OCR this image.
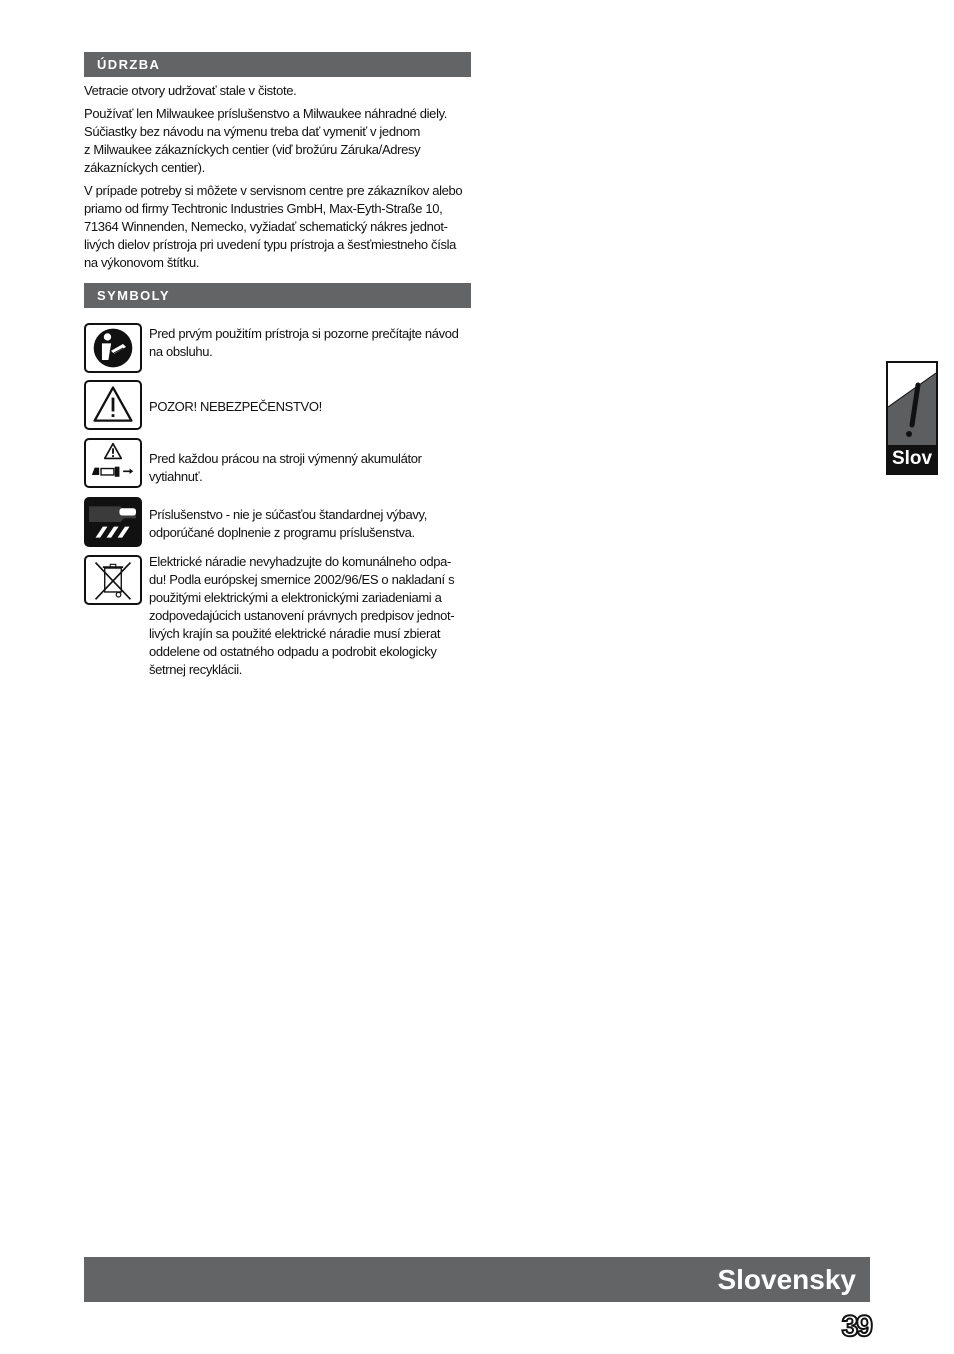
ÚDRZBA

Vetracie otvory udržovať stale v čistote.

Používať len Milwaukee príslušenstvo a Milwaukee náhradné diely.

Súčiastky bez návodu na výmenu treba dať vymeniť v jednom

z Milwaukee zákazníckych centier (viď brožúru Záruka/Adresy

zákazníckych centier).

V prípade potreby si môžete v servisnom centre pre zákazníkov alebo

priamo od firmy Techtronic Industries GmbH, Max-Eyth-Straße 10,

71364 Winnenden, Nemecko, vyžiadať schematický nákres jednot-

livých dielov prístroja pri uvedení typu prístroja a šesťmiestneho čísla

na výkonovom štítku.

SYMBOLY
Pred prvým použitím prístroja si pozorne prečítajte návod
na obsluhu.
POZOR! NEBEZPEČENSTVO!
Pred každou prácou na stroji výmenný akumulátor
vytiahnuť.
Príslušenstvo - nie je súčasťou štandardnej výbavy,
odporúčané doplnenie z programu príslušenstva.
Elektrické náradie nevyhadzujte do komunálneho odpa-
du! Podla európskej smernice 2002/96/ES o nakladaní s
použitými elektrickými a elektronickými zariadeniami a
zodpovedajúcich ustanovení právnych predpisov jednot-
livých krajín sa použité elektrické náradie musí zbierat
oddelene od ostatného odpadu a podrobit ekologicky
šetrnej recyklácii.
Slov
Slovensky
39
